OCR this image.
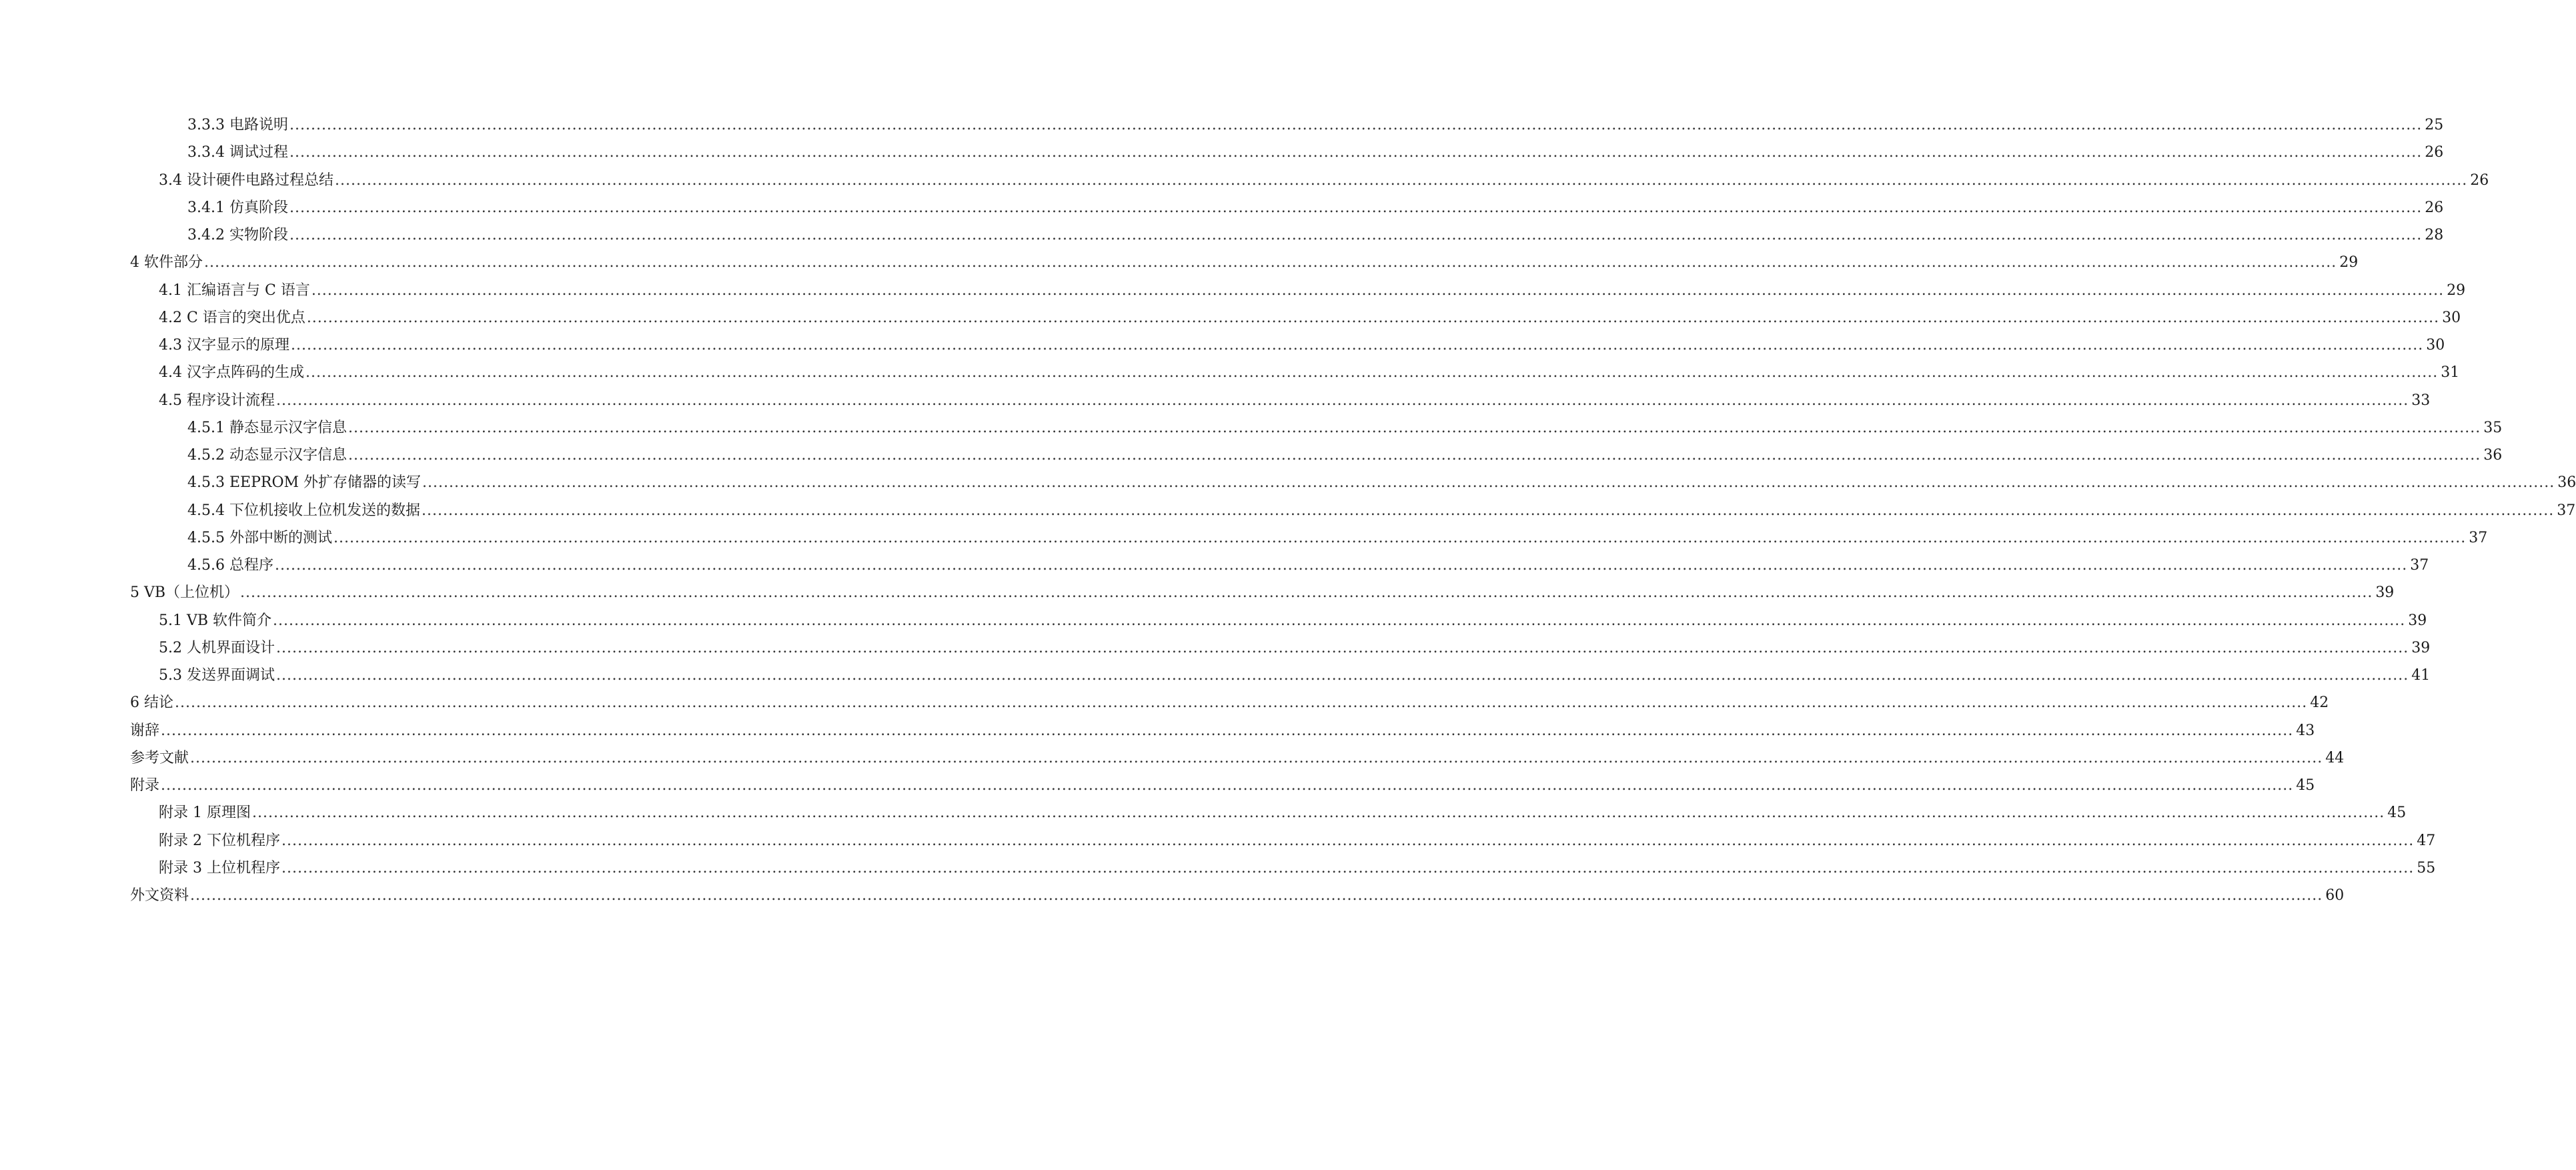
3.3.3 电路说明 ................................................................................................................................................................................................................................................................................................................................................................................................................ 25
3.3.4 调试过程 ................................................................................................................................................................................................................................................................................................................................................................................................................ 26
3.4 设计硬件电路过程总结 ................................................................................................................................................................................................................................................................................................................................................................................................................ 26
3.4.1 仿真阶段 ................................................................................................................................................................................................................................................................................................................................................................................................................ 26
3.4.2 实物阶段 ................................................................................................................................................................................................................................................................................................................................................................................................................ 28
4 软件部分 ................................................................................................................................................................................................................................................................................................................................................................................................................ 29
4.1 汇编语言与 C 语言 ................................................................................................................................................................................................................................................................................................................................................................................................................ 29
4.2 C 语言的突出优点 ................................................................................................................................................................................................................................................................................................................................................................................................................ 30
4.3 汉字显示的原理 ................................................................................................................................................................................................................................................................................................................................................................................................................ 30
4.4 汉字点阵码的生成 ................................................................................................................................................................................................................................................................................................................................................................................................................ 31
4.5 程序设计流程 ................................................................................................................................................................................................................................................................................................................................................................................................................ 33
4.5.1 静态显示汉字信息 ................................................................................................................................................................................................................................................................................................................................................................................................................ 35
4.5.2 动态显示汉字信息 ................................................................................................................................................................................................................................................................................................................................................................................................................ 36
4.5.3 EEPROM 外扩存储器的读写 ................................................................................................................................................................................................................................................................................................................................................................................................................ 36
4.5.4 下位机接收上位机发送的数据 ................................................................................................................................................................................................................................................................................................................................................................................................................ 37
4.5.5 外部中断的测试 ................................................................................................................................................................................................................................................................................................................................................................................................................ 37
4.5.6 总程序 ................................................................................................................................................................................................................................................................................................................................................................................................................ 37
5 VB（上位机） ................................................................................................................................................................................................................................................................................................................................................................................................................ 39
5.1 VB 软件简介 ................................................................................................................................................................................................................................................................................................................................................................................................................ 39
5.2 人机界面设计 ................................................................................................................................................................................................................................................................................................................................................................................................................ 39
5.3 发送界面调试 ................................................................................................................................................................................................................................................................................................................................................................................................................ 41
6 结论 ................................................................................................................................................................................................................................................................................................................................................................................................................ 42
谢辞 ................................................................................................................................................................................................................................................................................................................................................................................................................ 43
参考文献 ................................................................................................................................................................................................................................................................................................................................................................................................................ 44
附录 ................................................................................................................................................................................................................................................................................................................................................................................................................ 45
附录 1 原理图 ................................................................................................................................................................................................................................................................................................................................................................................................................ 45
附录 2 下位机程序 ................................................................................................................................................................................................................................................................................................................................................................................................................ 47
附录 3 上位机程序 ................................................................................................................................................................................................................................................................................................................................................................................................................ 55
外文资料 ................................................................................................................................................................................................................................................................................................................................................................................................................ 60
